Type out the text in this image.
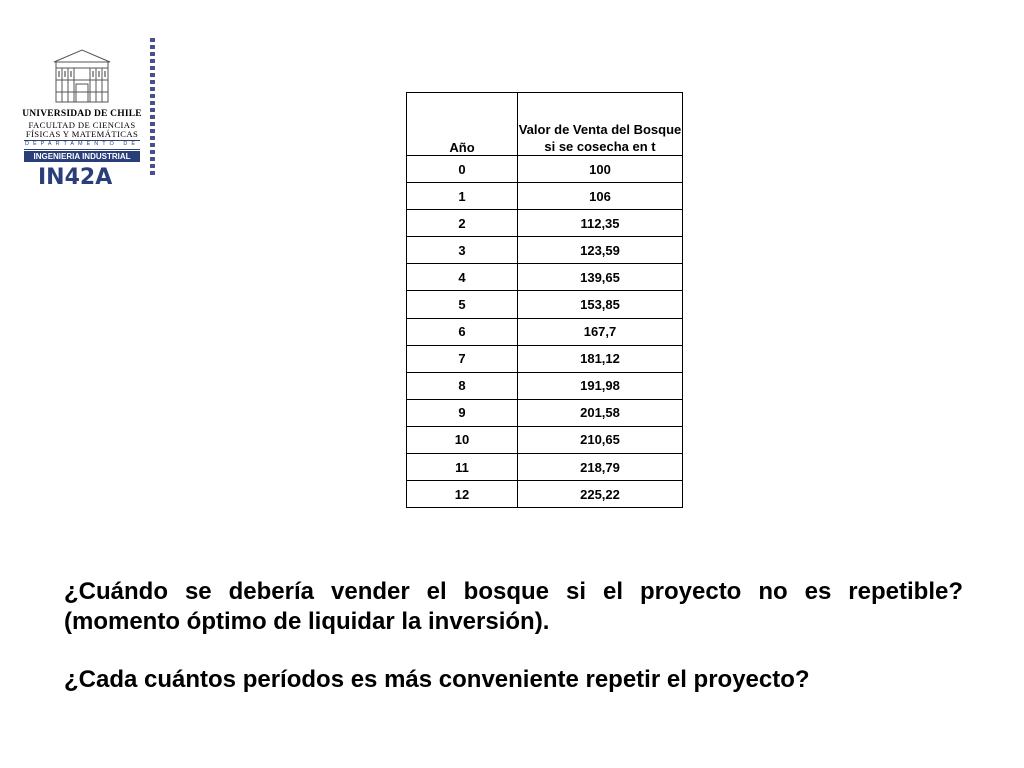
UNIVERSIDAD DE CHILE
FACULTAD DE CIENCIAS
FÍSICAS Y MATEMÁTICAS
DEPARTAMENTO DE
INGENIERIA INDUSTRIAL
IN42A
Año	Valor de Venta del Bosque si se cosecha en t
0	100
1	106
2	112,35
3	123,59
4	139,65
5	153,85
6	167,7
7	181,12
8	191,98
9	201,58
10	210,65
11	218,79
12	225,22
¿Cuándo se debería vender el bosque si el proyecto no es repetible? (momento óptimo de liquidar la inversión).
¿Cada cuántos períodos es más conveniente repetir el proyecto?
